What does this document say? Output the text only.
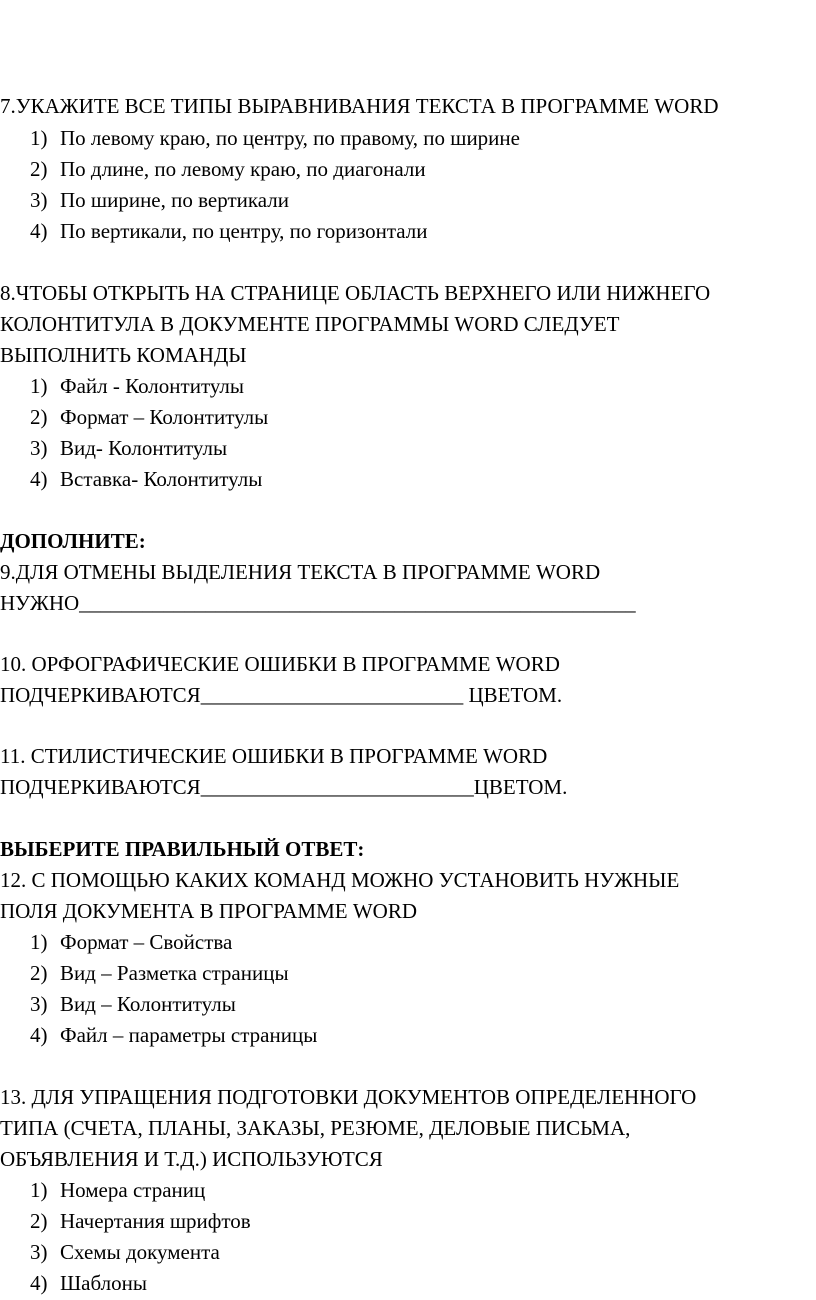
7.УКАЖИТЕ ВСЕ ТИПЫ ВЫРАВНИВАНИЯ ТЕКСТА В ПРОГРАММЕ WORD
1) По левому краю, по центру, по правому, по ширине
2) По длине, по левому краю, по диагонали
3) По ширине, по вертикали
4) По вертикали, по центру, по горизонтали
8.ЧТОБЫ ОТКРЫТЬ НА СТРАНИЦЕ ОБЛАСТЬ ВЕРХНЕГО ИЛИ НИЖНЕГО
КОЛОНТИТУЛА В ДОКУМЕНТЕ ПРОГРАММЫ WORD СЛЕДУЕТ
ВЫПОЛНИТЬ КОМАНДЫ
1) Файл - Колонтитулы
2) Формат – Колонтитулы
3) Вид- Колонтитулы
4) Вставка- Колонтитулы
ДОПОЛНИТЕ:
9.ДЛЯ ОТМЕНЫ ВЫДЕЛЕНИЯ ТЕКСТА В ПРОГРАММЕ WORD
НУЖНО_____________________________________________________
10. ОРФОГРАФИЧЕСКИЕ ОШИБКИ В ПРОГРАММЕ WORD
ПОДЧЕРКИВАЮТСЯ_________________________ ЦВЕТОМ.
11. СТИЛИСТИЧЕСКИЕ ОШИБКИ В ПРОГРАММЕ WORD
ПОДЧЕРКИВАЮТСЯ__________________________ЦВЕТОМ.
ВЫБЕРИТЕ ПРАВИЛЬНЫЙ ОТВЕТ:
12. С ПОМОЩЬЮ КАКИХ КОМАНД МОЖНО УСТАНОВИТЬ НУЖНЫЕ
ПОЛЯ ДОКУМЕНТА В ПРОГРАММЕ WORD
1) Формат – Свойства
2) Вид – Разметка страницы
3) Вид – Колонтитулы
4) Файл – параметры страницы
13. ДЛЯ УПРАЩЕНИЯ ПОДГОТОВКИ ДОКУМЕНТОВ ОПРЕДЕЛЕННОГО
ТИПА (СЧЕТА, ПЛАНЫ, ЗАКАЗЫ, РЕЗЮМЕ, ДЕЛОВЫЕ ПИСЬМА,
ОБЪЯВЛЕНИЯ И Т.Д.) ИСПОЛЬЗУЮТСЯ
1) Номера страниц
2) Начертания шрифтов
3) Схемы документа
4) Шаблоны
